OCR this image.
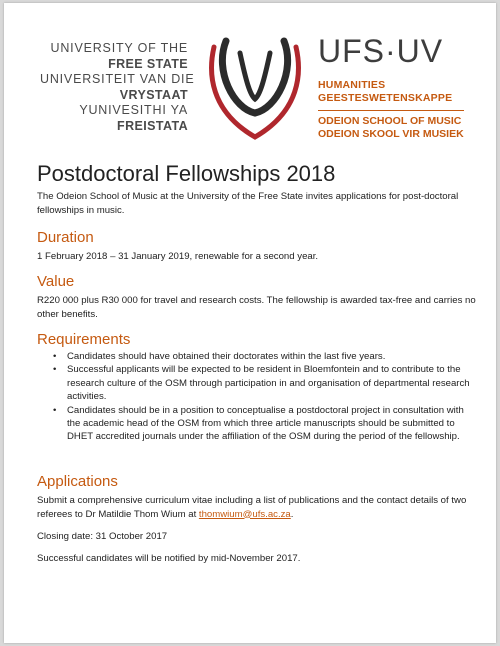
UNIVERSITY OF THE
FREE STATE
UNIVERSITEIT VAN DIE
VRYSTAAT
YUNIVESITHI YA
FREISTATA
UFS·UV
HUMANITIES
GEESTESWETENSKAPPE
ODEION SCHOOL OF MUSIC
ODEION SKOOL VIR MUSIEK
Postdoctoral Fellowships 2018
The Odeion School of Music at the University of the Free State invites applications for post-doctoral fellowships in music.
Duration
1 February 2018 – 31 January 2019, renewable for a second year.
Value
R220 000 plus R30 000 for travel and research costs. The fellowship is awarded tax-free and carries no other benefits.
Requirements
• Candidates should have obtained their doctorates within the last five years.
• Successful applicants will be expected to be resident in Bloemfontein and to contribute to the research culture of the OSM through participation in and organisation of departmental research activities.
• Candidates should be in a position to conceptualise a postdoctoral project in consultation with the academic head of the OSM from which three article manuscripts should be submitted to DHET accredited journals under the affiliation of the OSM during the period of the fellowship.
Applications
Submit a comprehensive curriculum vitae including a list of publications and the contact details of two referees to Dr Matildie Thom Wium at thomwium@ufs.ac.za.
Closing date: 31 October 2017
Successful candidates will be notified by mid-November 2017.
